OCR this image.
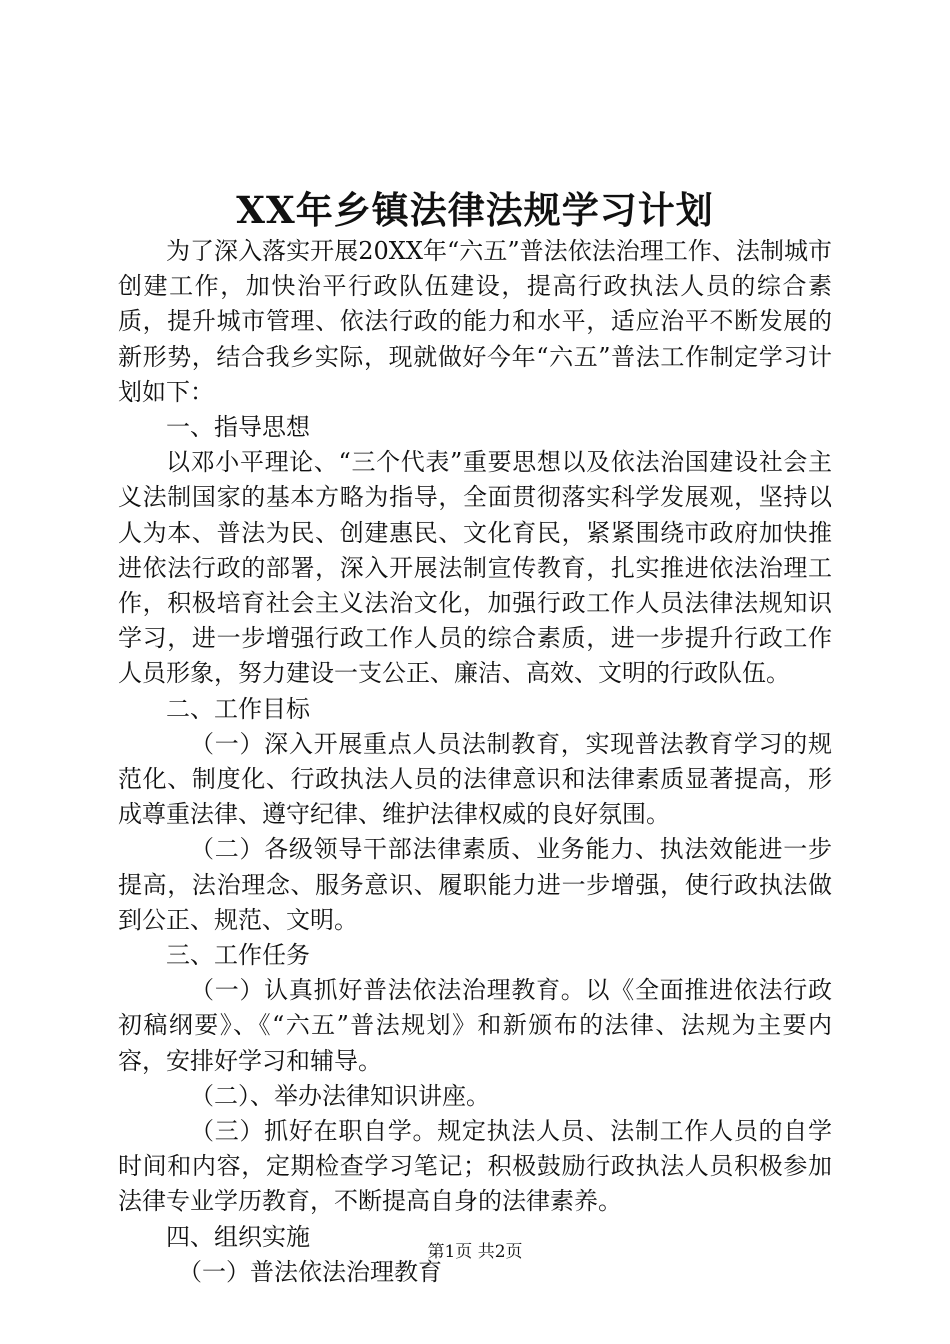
XX年乡镇法律法规学习计划

为了深入落实开展20XX年“六五”普法依法治理工作、法制城市创建工作，加快治平行政队伍建设，提高行政执法人员的综合素质，提升城市管理、依法行政的能力和水平，适应治平不断发展的新形势，结合我乡实际，现就做好今年“六五”普法工作制定学习计划如下：

一、指导思想

以邓小平理论、“三个代表”重要思想以及依法治国建设社会主义法制国家的基本方略为指导，全面贯彻落实科学发展观，坚持以人为本、普法为民、创建惠民、文化育民，紧紧围绕市政府加快推进依法行政的部署，深入开展法制宣传教育，扎实推进依法治理工作，积极培育社会主义法治文化，加强行政工作人员法律法规知识学习，进一步增强行政工作人员的综合素质，进一步提升行政工作人员形象，努力建设一支公正、廉洁、高效、文明的行政队伍。

二、工作目标

（一）深入开展重点人员法制教育，实现普法教育学习的规范化、制度化、行政执法人员的法律意识和法律素质显著提高，形成尊重法律、遵守纪律、维护法律权威的良好氛围。

（二）各级领导干部法律素质、业务能力、执法效能进一步提高，法治理念、服务意识、履职能力进一步增强，使行政执法做到公正、规范、文明。

三、工作任务

（一）认真抓好普法依法治理教育。以《全面推进依法行政初稿纲要》、《“六五”普法规划》和新颁布的法律、法规为主要内容，安排好学习和辅导。

（二）、举办法律知识讲座。

（三）抓好在职自学。规定执法人员、法制工作人员的自学时间和内容，定期检查学习笔记；积极鼓励行政执法人员积极参加法律专业学历教育，不断提高自身的法律素养。

四、组织实施

（一）普法依法治理教育

第1页 共2页
